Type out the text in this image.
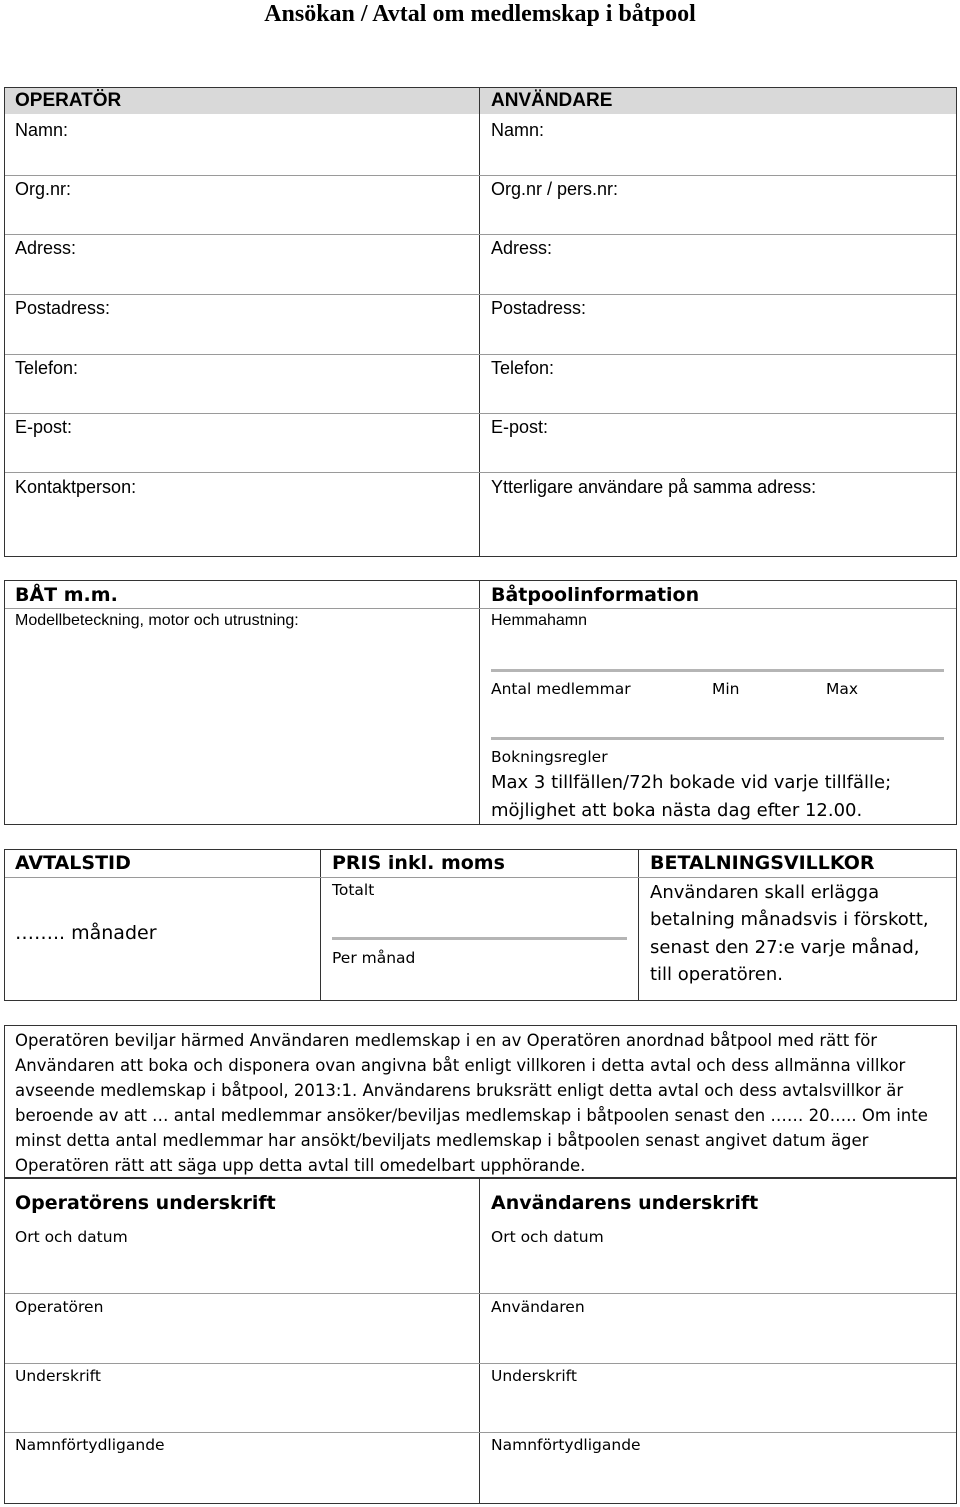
Ansökan / Avtal om medlemskap i båtpool
OPERATÖR
Namn:
Org.nr:
Adress:
Postadress:
Telefon:
E-post:
Kontaktperson:
ANVÄNDARE
Namn:
Org.nr / pers.nr:
Adress:
Postadress:
Telefon:
E-post:
Ytterligare användare på samma adress:
BÅT m.m.
Modellbeteckning, motor och utrustning:
Båtpoolinformation
Hemmahamn
Antal medlemmar	Min	Max
Bokningsregler
Max 3 tillfällen/72h bokade vid varje tillfälle;
möjlighet att boka nästa dag efter 12.00.
AVTALSTID
…….. månader
PRIS inkl. moms
Totalt
Per månad
BETALNINGSVILLKOR
Användaren skall erlägga
betalning månadsvis i förskott,
senast den 27:e varje månad,
till operatören.
Operatören beviljar härmed Användaren medlemskap i en av Operatören anordnad båtpool med rätt för
Användaren att boka och disponera ovan angivna båt enligt villkoren i detta avtal och dess allmänna villkor
avseende medlemskap i båtpool, 2013:1. Användarens bruksrätt enligt detta avtal och dess avtalsvillkor är
beroende av att … antal medlemmar ansöker/beviljas medlemskap i båtpoolen senast den …… 20….. Om inte
minst detta antal medlemmar har ansökt/beviljats medlemskap i båtpoolen senast angivet datum äger
Operatören rätt att säga upp detta avtal till omedelbart upphörande.
Operatörens underskrift
Ort och datum
Operatören
Underskrift
Namnförtydligande
Användarens underskrift
Ort och datum
Användaren
Underskrift
Namnförtydligande
